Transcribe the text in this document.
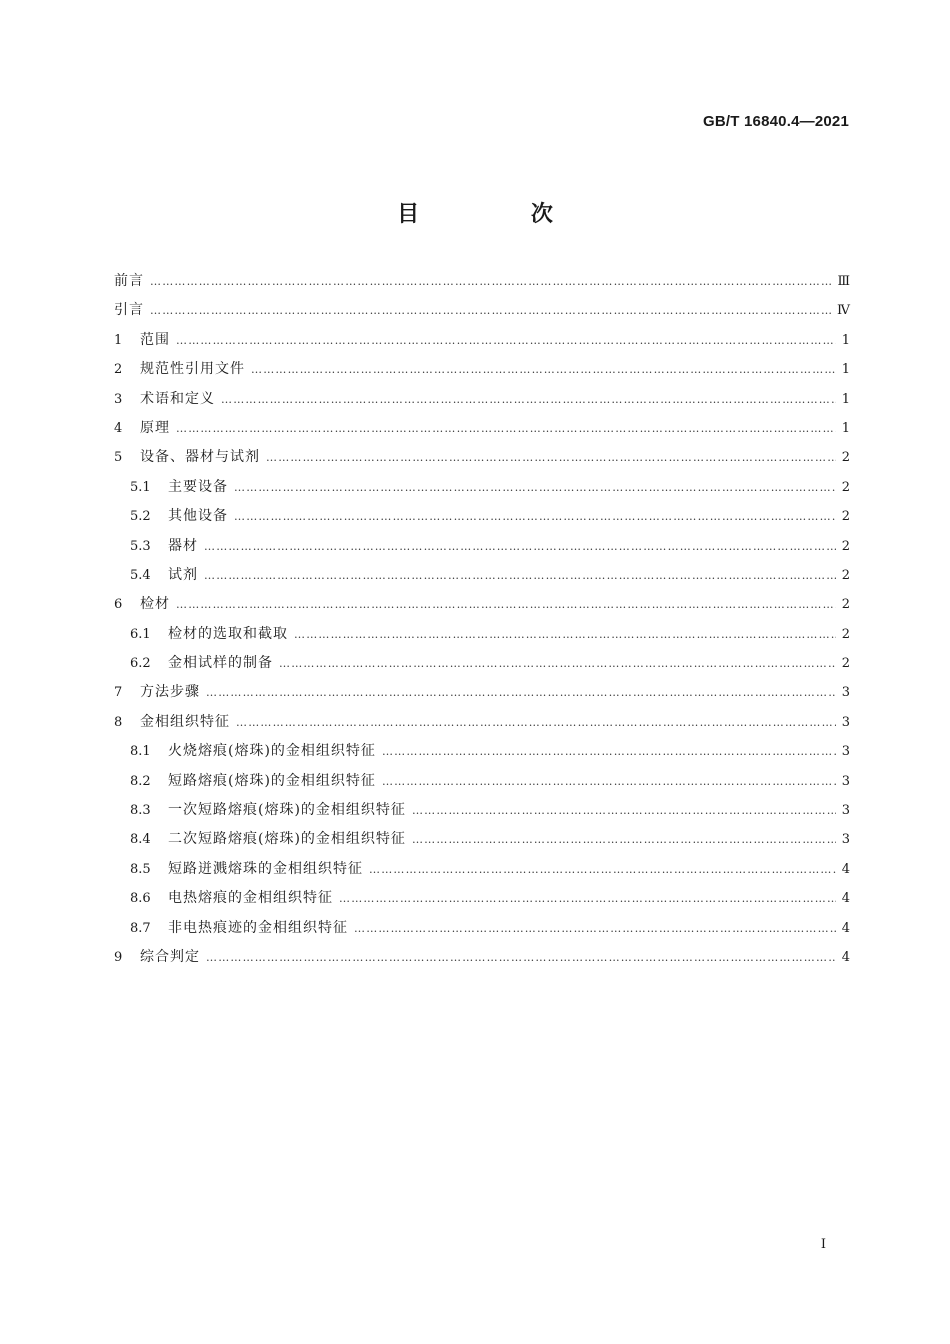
GB/T 16840.4—2021
目 次
前言 …………………………………………………………………………………………………………………………………………………………………………………………………………	Ⅲ
引言 …………………………………………………………………………………………………………………………………………………………………………………………………………	Ⅳ
1	范围 …………………………………………………………………………………………………………………………………………………………………………………………………………	1
2	规范性引用文件 …………………………………………………………………………………………………………………………………………………………………………………………………………	1
3	术语和定义 …………………………………………………………………………………………………………………………………………………………………………………………………………	1
4	原理 …………………………………………………………………………………………………………………………………………………………………………………………………………	1
5	设备、器材与试剂 …………………………………………………………………………………………………………………………………………………………………………………………………………	2
5.1	主要设备 …………………………………………………………………………………………………………………………………………………………………………………………………………	2
5.2	其他设备 …………………………………………………………………………………………………………………………………………………………………………………………………………	2
5.3	器材 …………………………………………………………………………………………………………………………………………………………………………………………………………	2
5.4	试剂 …………………………………………………………………………………………………………………………………………………………………………………………………………	2
6	检材 …………………………………………………………………………………………………………………………………………………………………………………………………………	2
6.1	检材的选取和截取 …………………………………………………………………………………………………………………………………………………………………………………………………………	2
6.2	金相试样的制备 …………………………………………………………………………………………………………………………………………………………………………………………………………	2
7	方法步骤 …………………………………………………………………………………………………………………………………………………………………………………………………………	3
8	金相组织特征 …………………………………………………………………………………………………………………………………………………………………………………………………………	3
8.1	火烧熔痕(熔珠)的金相组织特征 …………………………………………………………………………………………………………………………………………………………………………………………………………	3
8.2	短路熔痕(熔珠)的金相组织特征 …………………………………………………………………………………………………………………………………………………………………………………………………………	3
8.3	一次短路熔痕(熔珠)的金相组织特征 …………………………………………………………………………………………………………………………………………………………………………………………………………	3
8.4	二次短路熔痕(熔珠)的金相组织特征 …………………………………………………………………………………………………………………………………………………………………………………………………………	3
8.5	短路迸溅熔珠的金相组织特征 …………………………………………………………………………………………………………………………………………………………………………………………………………	4
8.6	电热熔痕的金相组织特征 …………………………………………………………………………………………………………………………………………………………………………………………………………	4
8.7	非电热痕迹的金相组织特征 …………………………………………………………………………………………………………………………………………………………………………………………………………	4
9	综合判定 …………………………………………………………………………………………………………………………………………………………………………………………………………	4
I
